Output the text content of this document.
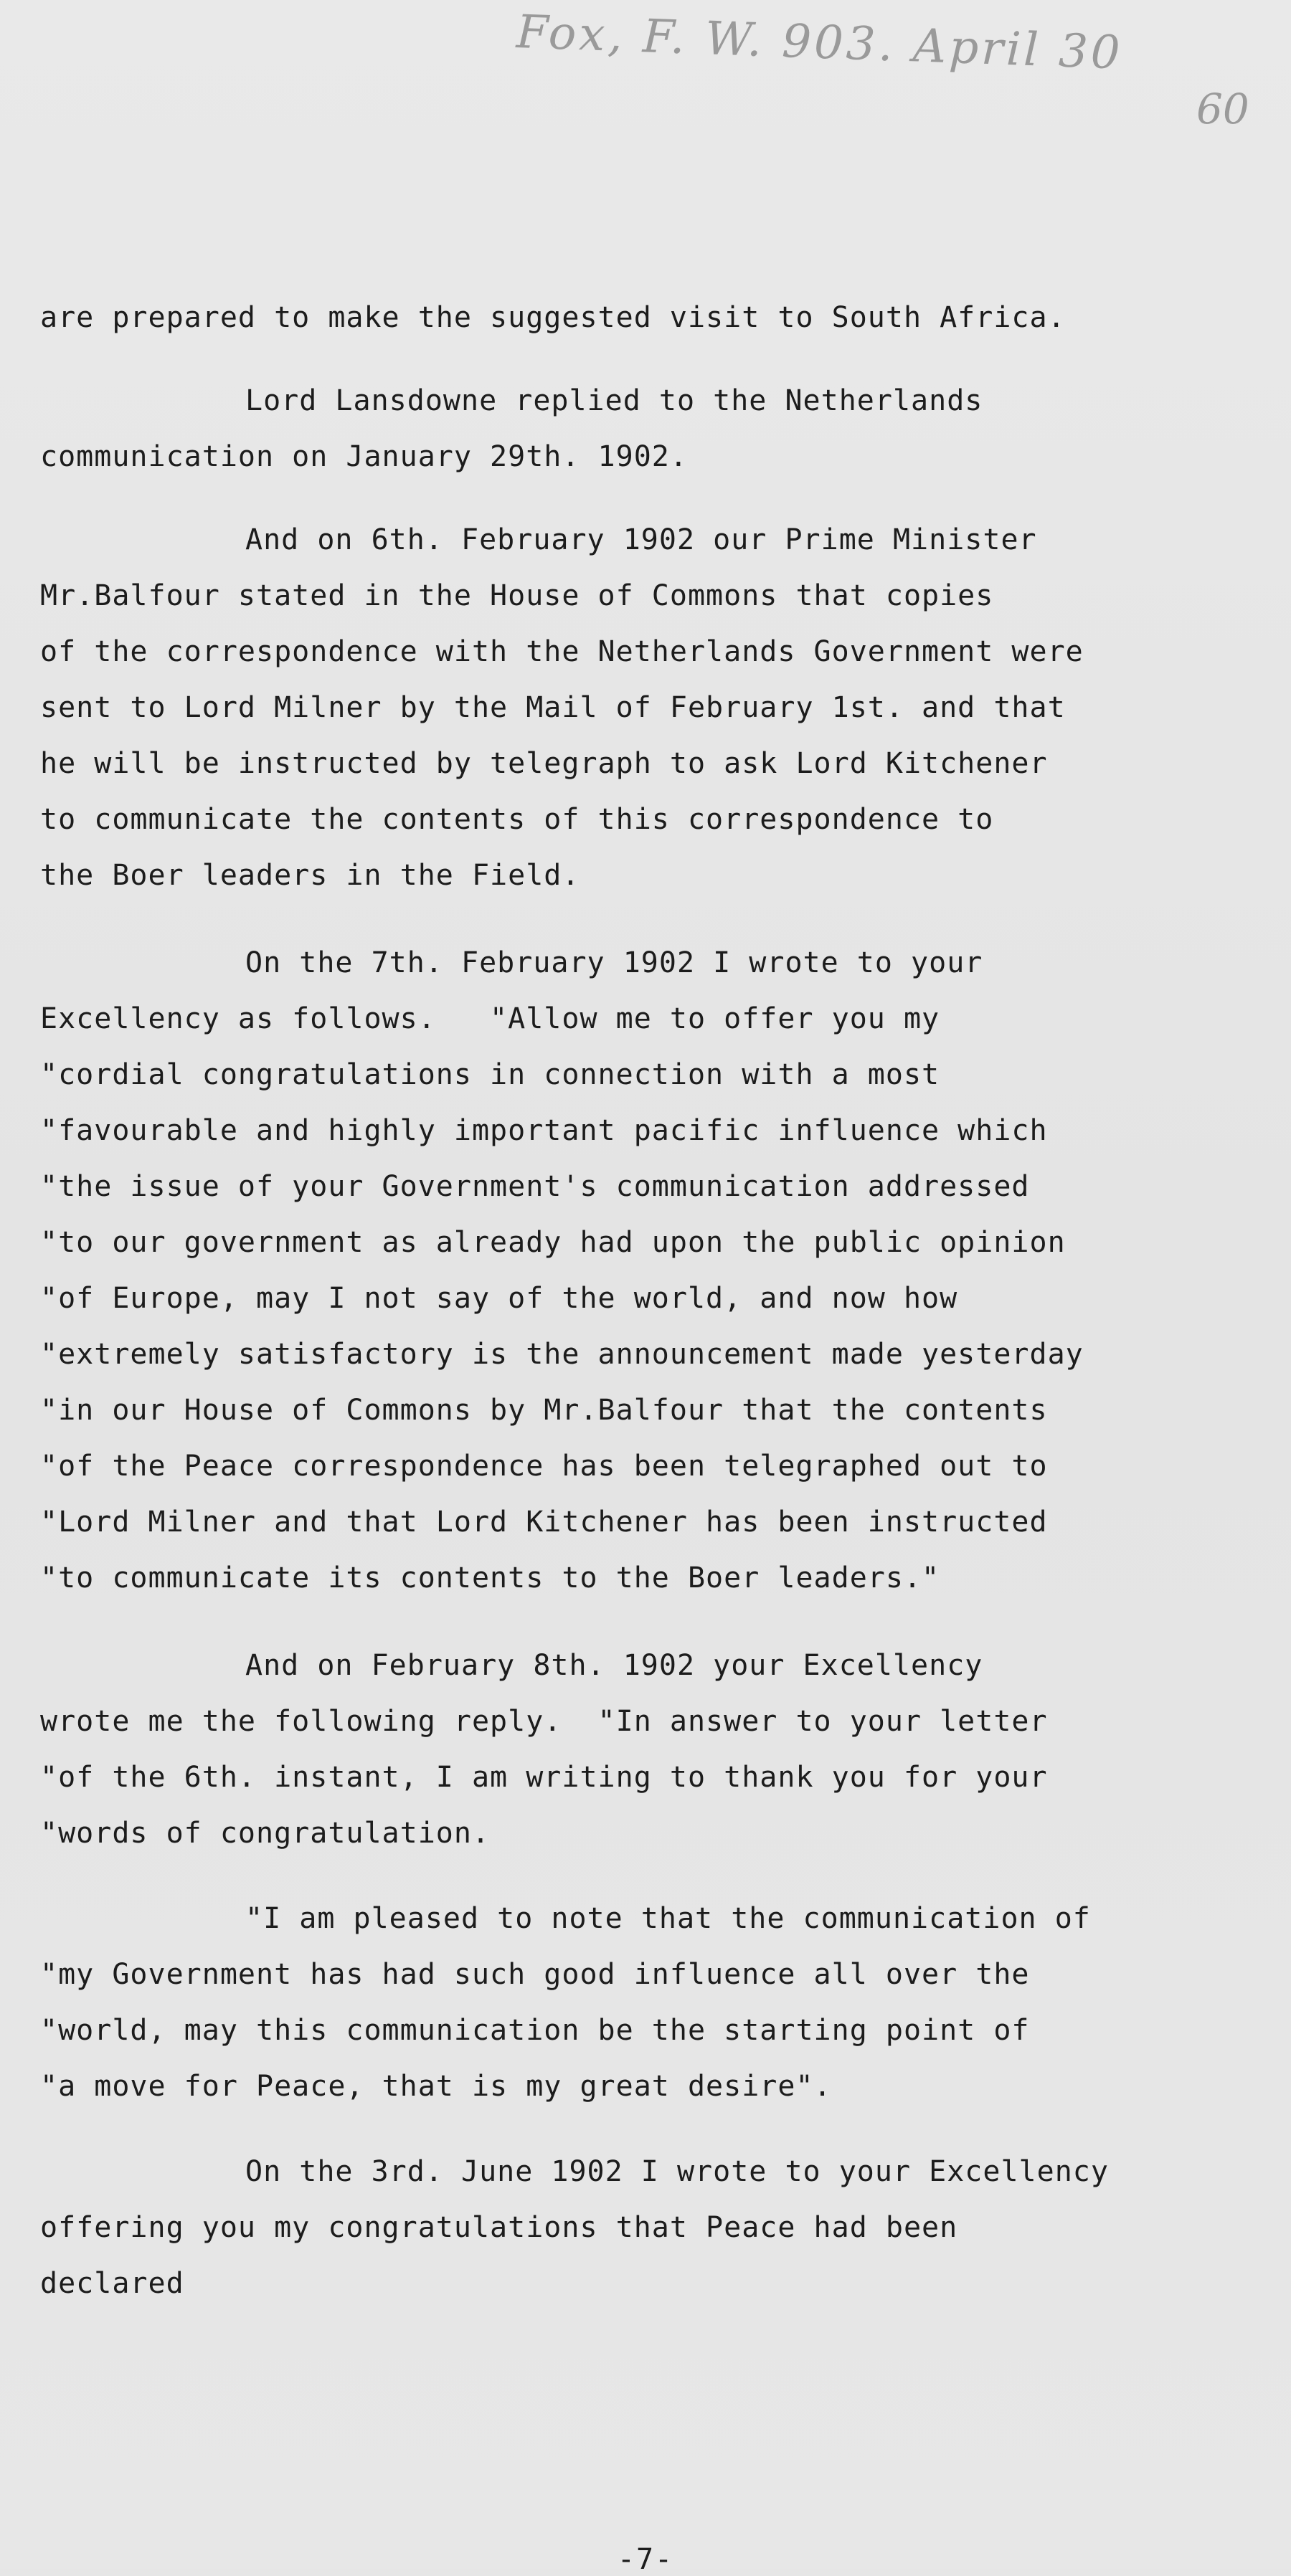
Fox, F. W. 903. April 30
60

are prepared to make the suggested visit to South Africa.

Lord Lansdowne replied to the Netherlands
communication on January 29th. 1902.

And on 6th. February 1902 our Prime Minister
Mr.Balfour stated in the House of Commons that copies
of the correspondence with the Netherlands Government were
sent to Lord Milner by the Mail of February 1st. and that
he will be instructed by telegraph to ask Lord Kitchener
to communicate the contents of this correspondence to
the Boer leaders in the Field.

On the 7th. February 1902 I wrote to your
Excellency as follows.   "Allow me to offer you my
"cordial congratulations in connection with a most
"favourable and highly important pacific influence which
"the issue of your Government's communication addressed
"to our government as already had upon the public opinion
"of Europe, may I not say of the world, and now how
"extremely satisfactory is the announcement made yesterday
"in our House of Commons by Mr.Balfour that the contents
"of the Peace correspondence has been telegraphed out to
"Lord Milner and that Lord Kitchener has been instructed
"to communicate its contents to the Boer leaders."

And on February 8th. 1902 your Excellency
wrote me the following reply.  "In answer to your letter
"of the 6th. instant, I am writing to thank you for your
"words of congratulation.

"I am pleased to note that the communication of
"my Government has had such good influence all over the
"world, may this communication be the starting point of
"a move for Peace, that is my great desire".

On the 3rd. June 1902 I wrote to your Excellency
offering you my congratulations that Peace had been
declared

-7-
